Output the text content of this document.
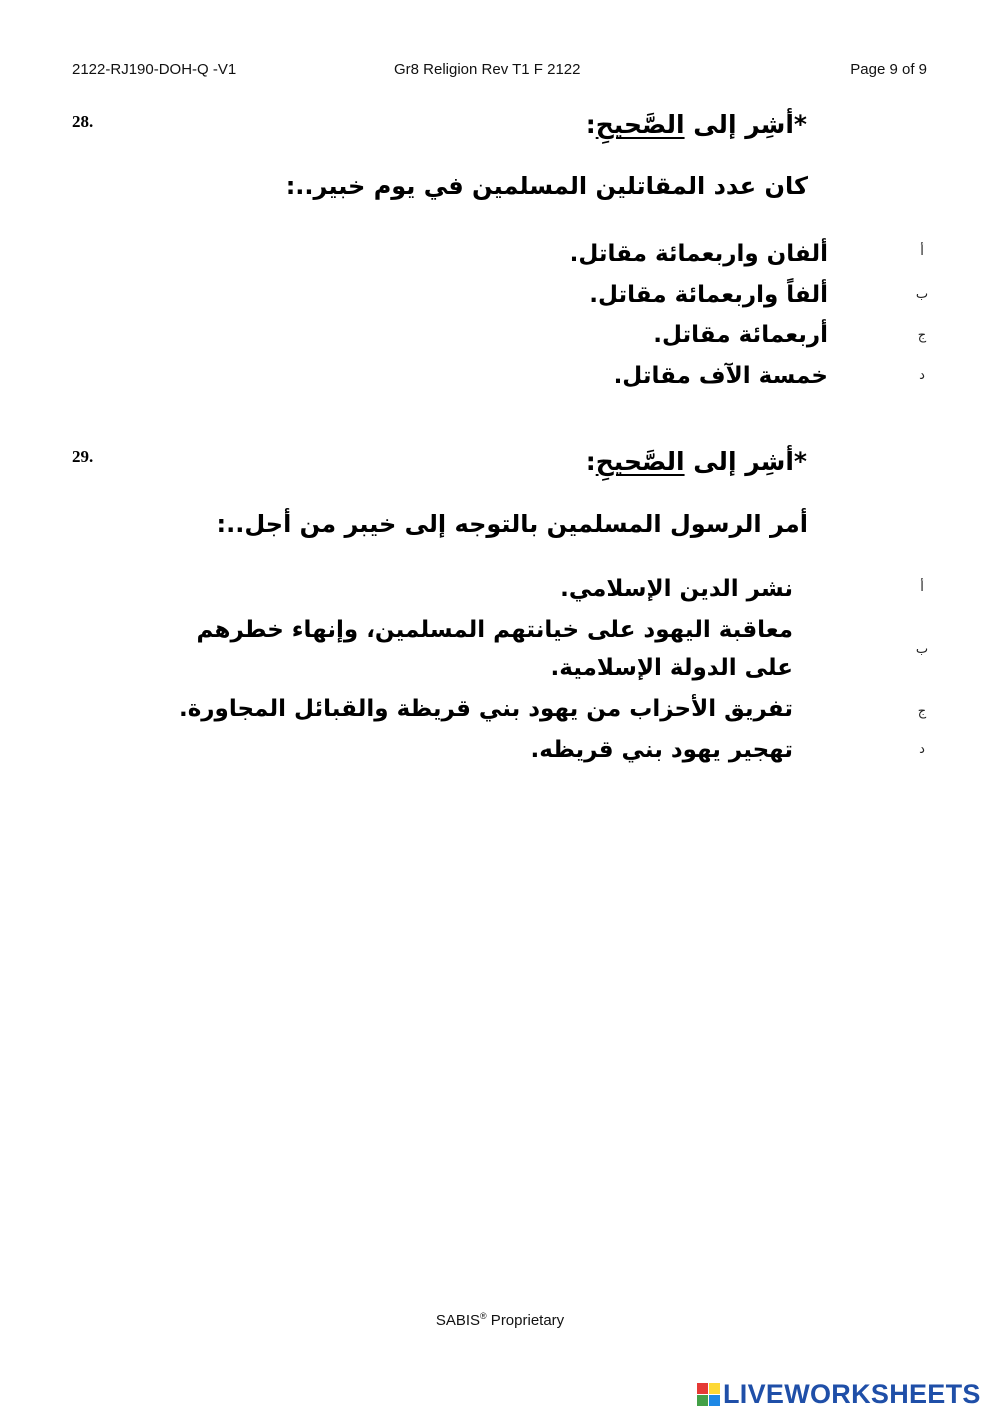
2122-RJ190-DOH-Q -V1	Gr8 Religion Rev T1 F 2122	Page 9 of 9
28.	*أشِر إلى الصَّحيحِ:
كان عدد المقاتلين المسلمين في يوم خبير..:
ألفان واربعمائة مقاتل.	أ
ألفاً واربعمائة مقاتل.	ب
أربعمائة مقاتل.	ج
خمسة الآف مقاتل.	د
29.	*أشِر إلى الصَّحيحِ:
أمر الرسول المسلمين بالتوجه إلى خيبر من أجل..:
نشر الدين الإسلامي.	أ
معاقبة اليهود على خيانتهم المسلمين، وإنهاء خطرهم على الدولة الإسلامية.
ب
تفريق الأحزاب من يهود بني قريظة والقبائل المجاورة.	ج
تهجير يهود بني قريظه.	د
SABIS® Proprietary
LIVEWORKSHEETS
